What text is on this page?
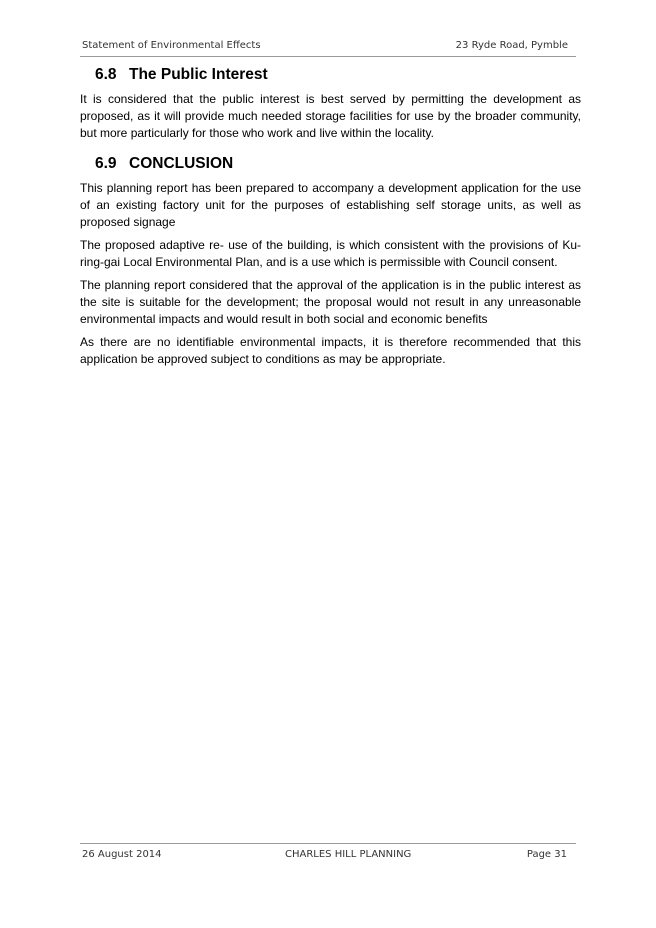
Statement of Environmental Effects	23 Ryde Road, Pymble
6.8 The Public Interest

It is considered that the public interest is best served by permitting the development as proposed, as it will provide much needed storage facilities for use by the broader community, but more particularly for those who work and live within the locality.

6.9 CONCLUSION

This planning report has been prepared to accompany a development application for the use of an existing factory unit for the purposes of establishing self storage units, as well as proposed signage

The proposed adaptive re- use of the building, is which consistent with the provisions of Ku-ring-gai Local Environmental Plan, and is a use which is permissible with Council consent.

The planning report considered that the approval of the application is in the public interest as the site is suitable for the development; the proposal would not result in any unreasonable environmental impacts and would result in both social and economic benefits

As there are no identifiable environmental impacts, it is therefore recommended that this application be approved subject to conditions as may be appropriate.

26 August 2014	CHARLES HILL PLANNING	Page 31
